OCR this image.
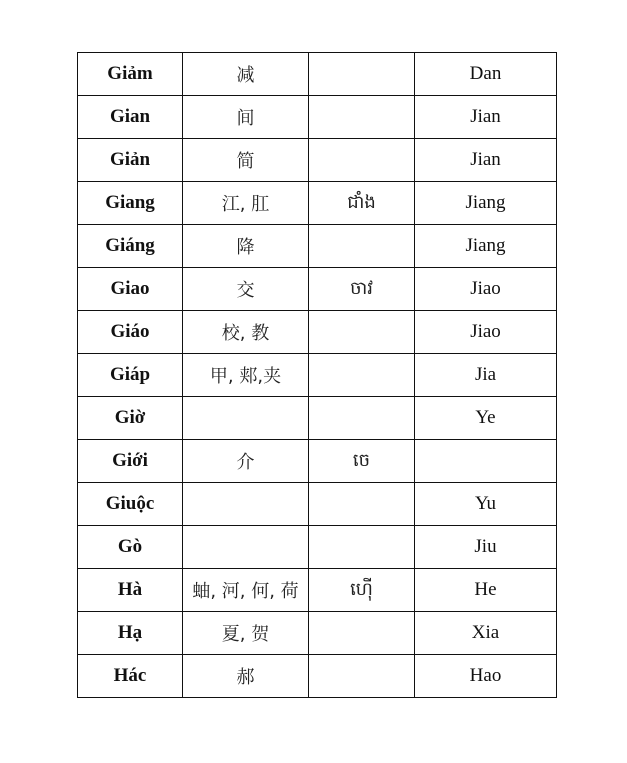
Giảm	减		Dan
Gian	间		Jian
Giản	简		Jian
Giang	江, 肛	ជាំង	Jiang
Giáng	降		Jiang
Giao	交	ចាវ	Jiao
Giáo	校, 教		Jiao
Giáp	甲, 郏,夹		Jia
Giờ			Ye
Giới	介	ចេ	
Giuộc			Yu
Gò			Jiu
Hà	蚰, 河, 何, 荷	ហ៊ើ	He
Hạ	夏, 贺		Xia
Hác	郝		Hao
